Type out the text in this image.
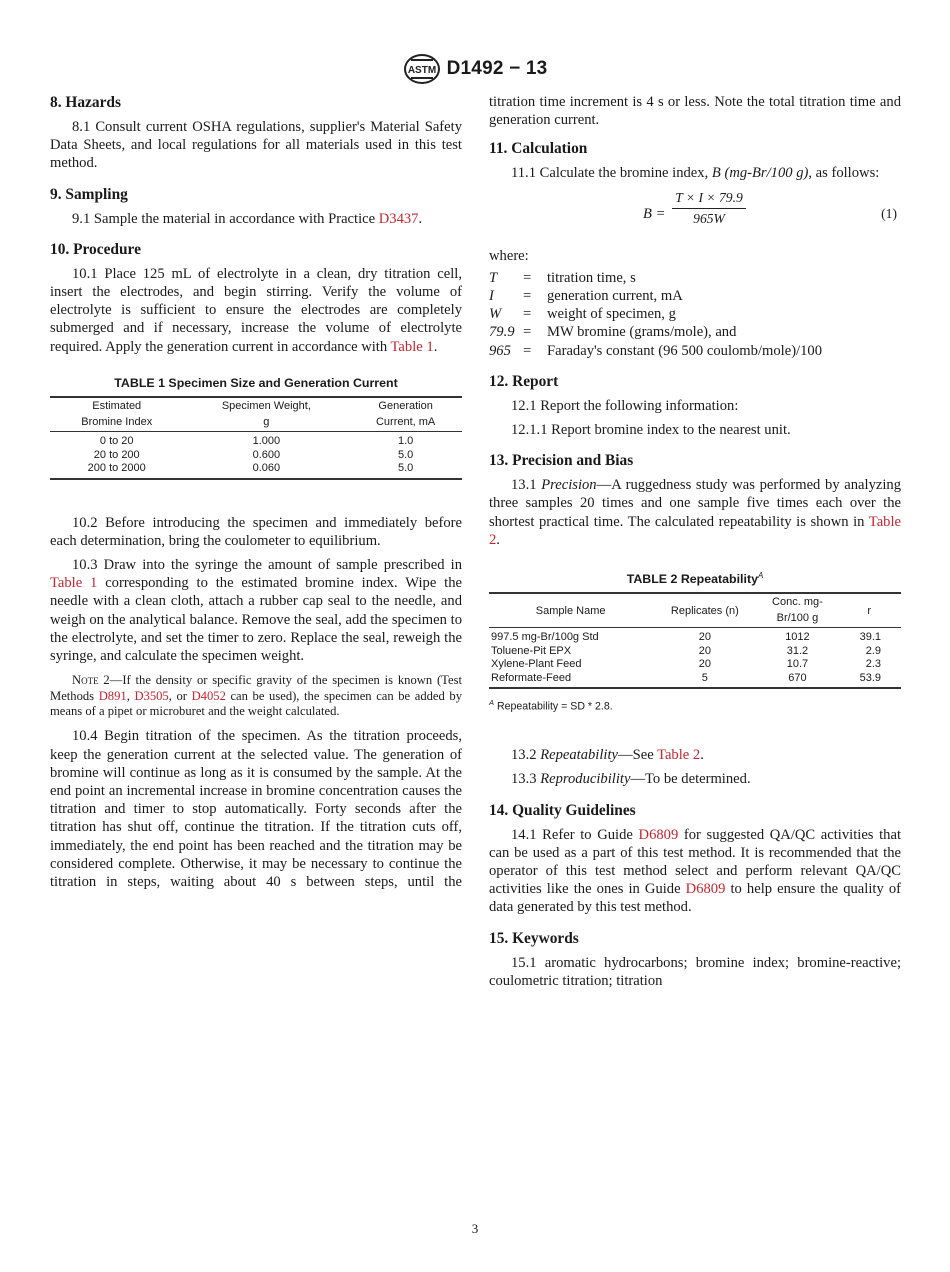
ASTM D1492 − 13
8. Hazards

8.1 Consult current OSHA regulations, supplier's Material Safety Data Sheets, and local regulations for all materials used in this test method.

9. Sampling

9.1 Sample the material in accordance with Practice D3437.

10. Procedure

10.1 Place 125 mL of electrolyte in a clean, dry titration cell, insert the electrodes, and begin stirring. Verify the volume of electrolyte is sufficient to ensure the electrodes are completely submerged and if necessary, increase the volume of electrolyte required. Apply the generation current in accordance with Table 1.

TABLE 1 Specimen Size and Generation Current
Estimated	Specimen Weight,	Generation
Bromine Index	g	Current, mA
0 to 20	1.000	1.0
20 to 200	0.600	5.0
200 to 2000	0.060	5.0

10.2 Before introducing the specimen and immediately before each determination, bring the coulometer to equilibrium.

10.3 Draw into the syringe the amount of sample prescribed in Table 1 corresponding to the estimated bromine index. Wipe the needle with a clean cloth, attach a rubber cap seal to the needle, and weigh on the analytical balance. Remove the seal, add the specimen to the electrolyte, and set the timer to zero. Replace the seal, reweigh the syringe, and calculate the specimen weight.

Note 2—If the density or specific gravity of the specimen is known (Test Methods D891, D3505, or D4052 can be used), the specimen can be added by means of a pipet or microburet and the weight calculated.

10.4 Begin titration of the specimen. As the titration proceeds, keep the generation current at the selected value. The generation of bromine will continue as long as it is consumed by the sample. At the end point an incremental increase in bromine concentration causes the titration and timer to stop automatically. Forty seconds after the titration has shut off, continue the titration. If the titration cuts off, immediately, the end point has been reached and the titration may be considered complete. Otherwise, it may be necessary to continue the titration in steps, waiting about 40 s between steps, until the

titration time increment is 4 s or less. Note the total titration time and generation current.

11. Calculation

11.1 Calculate the bromine index, B (mg-Br/100 g), as follows:

$B = \frac{T \times I \times 79.9}{965W}$	(1)
where:
T	=	titration time, s
I	=	generation current, mA
W	=	weight of specimen, g
79.9 =	MW bromine (grams/mole), and
965 =	Faraday's constant (96 500 coulomb/mole)/100
12. Report

12.1 Report the following information:

12.1.1 Report bromine index to the nearest unit.

13. Precision and Bias

13.1 Precision—A ruggedness study was performed by analyzing three samples 20 times and one sample five times each over the shortest practical time. The calculated repeatability is shown in Table 2.

TABLE 2 Repeatability$^A$
Sample Name	Replicates (n)	Conc. mg-	r
		Br/100 g	
997.5 mg-Br/100g Std	20	1012	39.1
Toluene-Pit EPX	20	31.2	2.9
Xylene-Plant Feed	20	10.7	2.3
Reformate-Feed	5	670	53.9
$^A$ Repeatability = SD * 2.8.

13.2 Repeatability—See Table 2.

13.3 Reproducibility—To be determined.

14. Quality Guidelines

14.1 Refer to Guide D6809 for suggested QA/QC activities that can be used as a part of this test method. It is recommended that the operator of this test method select and perform relevant QA/QC activities like the ones in Guide D6809 to help ensure the quality of data generated by this test method.

15. Keywords

15.1 aromatic hydrocarbons; bromine index; bromine-reactive; coulometric titration; titration

3
